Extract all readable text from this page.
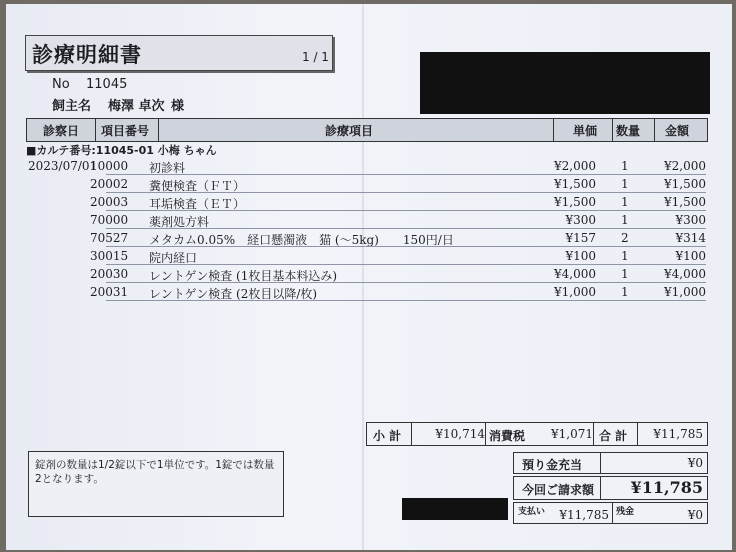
診療明細書	1 / 1
No 11045
飼主名 梅澤 卓次 様
診察日 項目番号	診療項目	単価 数量 金額
■カルテ番号:11045-01 小梅 ちゃん
2023/07/01
10000 初診料	¥2,000 1	¥2,000
20002 糞便検査（ＦＴ）	¥1,500 1	¥1,500
20003 耳垢検査（ＥＴ）	¥1,500 1	¥1,500
70000 薬剤処方料	¥300 1	¥300
70527 メタカム0.05%　経口懸濁液　猫 (〜5kg)　　150円/日	¥157 2	¥314
30015 院内経口	¥100 1	¥100
20030 レントゲン検査 (1枚目基本料込み)	¥4,000 1	¥4,000
20031 レントゲン検査 (2枚目以降/枚)	¥1,000 1	¥1,000
小 計	¥10,714 消費税 ¥1,071 合 計 ¥11,785
錠剤の数量は1/2錠以下で1単位です。1錠では数量2となります。
預り金充当	¥0
今回ご請求額 ¥11,785
支払い ¥11,785 残金	¥0
